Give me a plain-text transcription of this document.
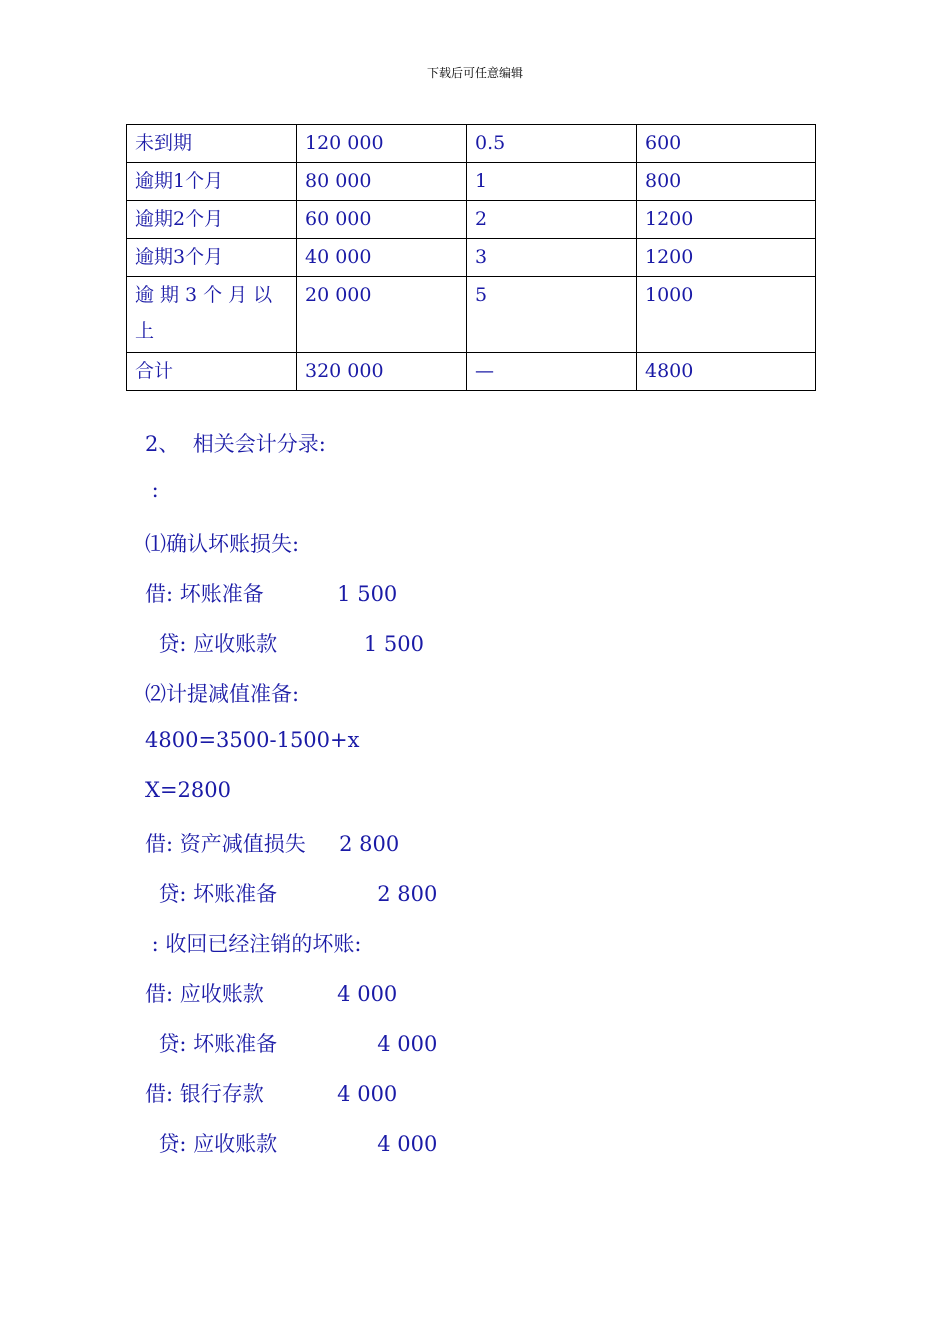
下载后可任意编辑
未到期	120 000	0.5	600
逾期1个月	80 000	1	800
逾期2个月	60 000	2	1200
逾期3个月	40 000	3	1200
逾期3个月以上	20 000	5	1000
合计	320 000	—	4800
2、  相关会计分录:
:
⑴确认坏账损失:
借: 坏账准备           1 500
贷: 应收账款             1 500
⑵计提减值准备:
4800=3500-1500+x
X=2800
借: 资产减值损失     2 800
贷: 坏账准备               2 800
: 收回已经注销的坏账:
借: 应收账款           4 000
贷: 坏账准备               4 000
借: 银行存款           4 000
贷: 应收账款               4 000
